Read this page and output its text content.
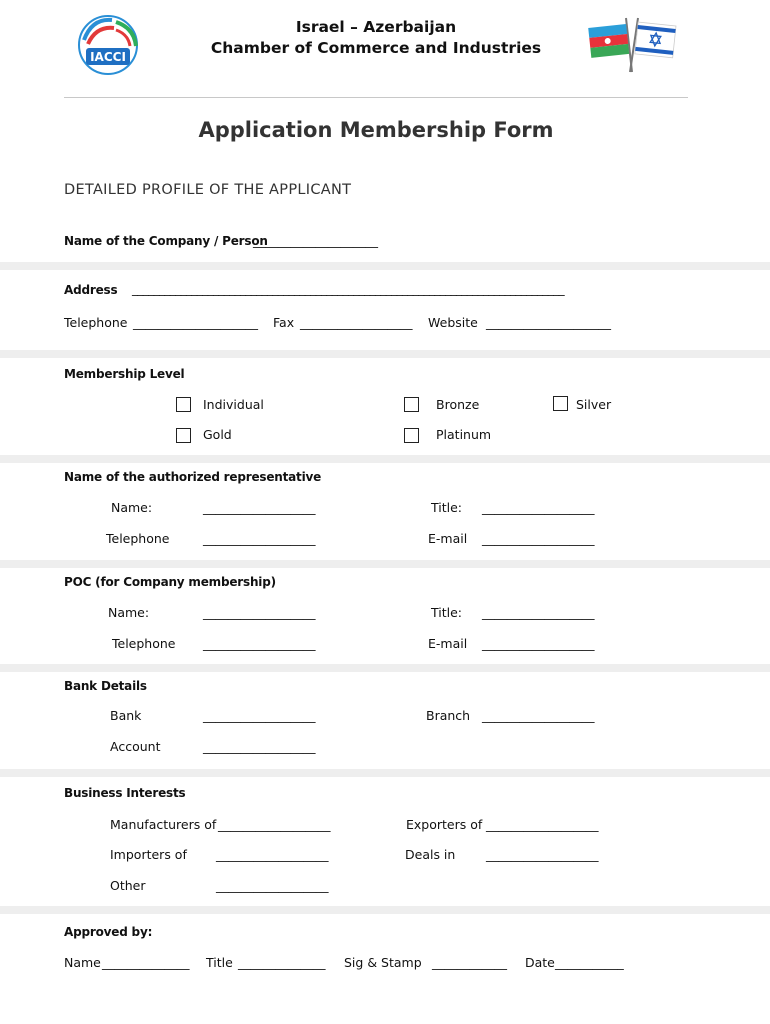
IACCI
Israel – Azerbaijan
Chamber of Commerce and Industries
Application Membership Form
DETAILED PROFILE OF THE APPLICANT
Name of the Company / Person
____________________
Address ________________________________________________________________________________
Telephone ____________________ Fax __________________ Website ____________________
Membership Level
Individual	Bronze	Silver
Gold	Platinum
Name of the authorized representative
Name:	__________________	Title: __________________
Telephone	__________________	E-mail __________________
POC (for Company membership)
Name:	__________________	Title: __________________
Telephone __________________	E-mail __________________
Bank Details
Bank	__________________	Branch __________________
Account	__________________
Business Interests
Manufacturers of __________________	Exporters of __________________
Importers of __________________	Deals in __________________
Other	__________________
Approved by:
Name ______________ Title ______________ Sig & Stamp ____________ Date ___________
